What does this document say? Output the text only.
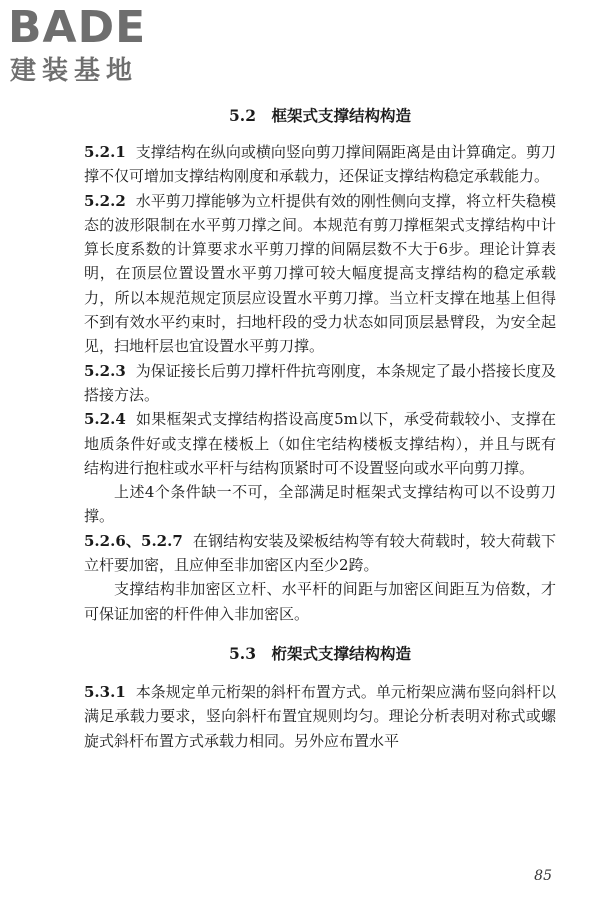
BADE
建装基地
5.2　框架式支撑结构构造

5.2.1 支撑结构在纵向或横向竖向剪刀撑间隔距离是由计算确定。剪刀撑不仅可增加支撑结构刚度和承载力，还保证支撑结构稳定承载能力。

5.2.2 水平剪刀撑能够为立杆提供有效的刚性侧向支撑，将立杆失稳模态的波形限制在水平剪刀撑之间。本规范有剪刀撑框架式支撑结构中计算长度系数的计算要求水平剪刀撑的间隔层数不大于6步。理论计算表明，在顶层位置设置水平剪刀撑可较大幅度提高支撑结构的稳定承载力，所以本规范规定顶层应设置水平剪刀撑。当立杆支撑在地基上但得不到有效水平约束时，扫地杆段的受力状态如同顶层悬臂段，为安全起见，扫地杆层也宜设置水平剪刀撑。

5.2.3 为保证接长后剪刀撑杆件抗弯刚度，本条规定了最小搭接长度及搭接方法。

5.2.4 如果框架式支撑结构搭设高度5m以下，承受荷载较小、支撑在地质条件好或支撑在楼板上（如住宅结构楼板支撑结构），并且与既有结构进行抱柱或水平杆与结构顶紧时可不设置竖向或水平向剪刀撑。

上述4个条件缺一不可，全部满足时框架式支撑结构可以不设剪刀撑。

5.2.6、5.2.7 在钢结构安装及梁板结构等有较大荷载时，较大荷载下立杆要加密，且应伸至非加密区内至少2跨。

支撑结构非加密区立杆、水平杆的间距与加密区间距互为倍数，才可保证加密的杆件伸入非加密区。

5.3　桁架式支撑结构构造

5.3.1 本条规定单元桁架的斜杆布置方式。单元桁架应满布竖向斜杆以满足承载力要求，竖向斜杆布置宜规则均匀。理论分析表明对称式或螺旋式斜杆布置方式承载力相同。另外应布置水平

85
